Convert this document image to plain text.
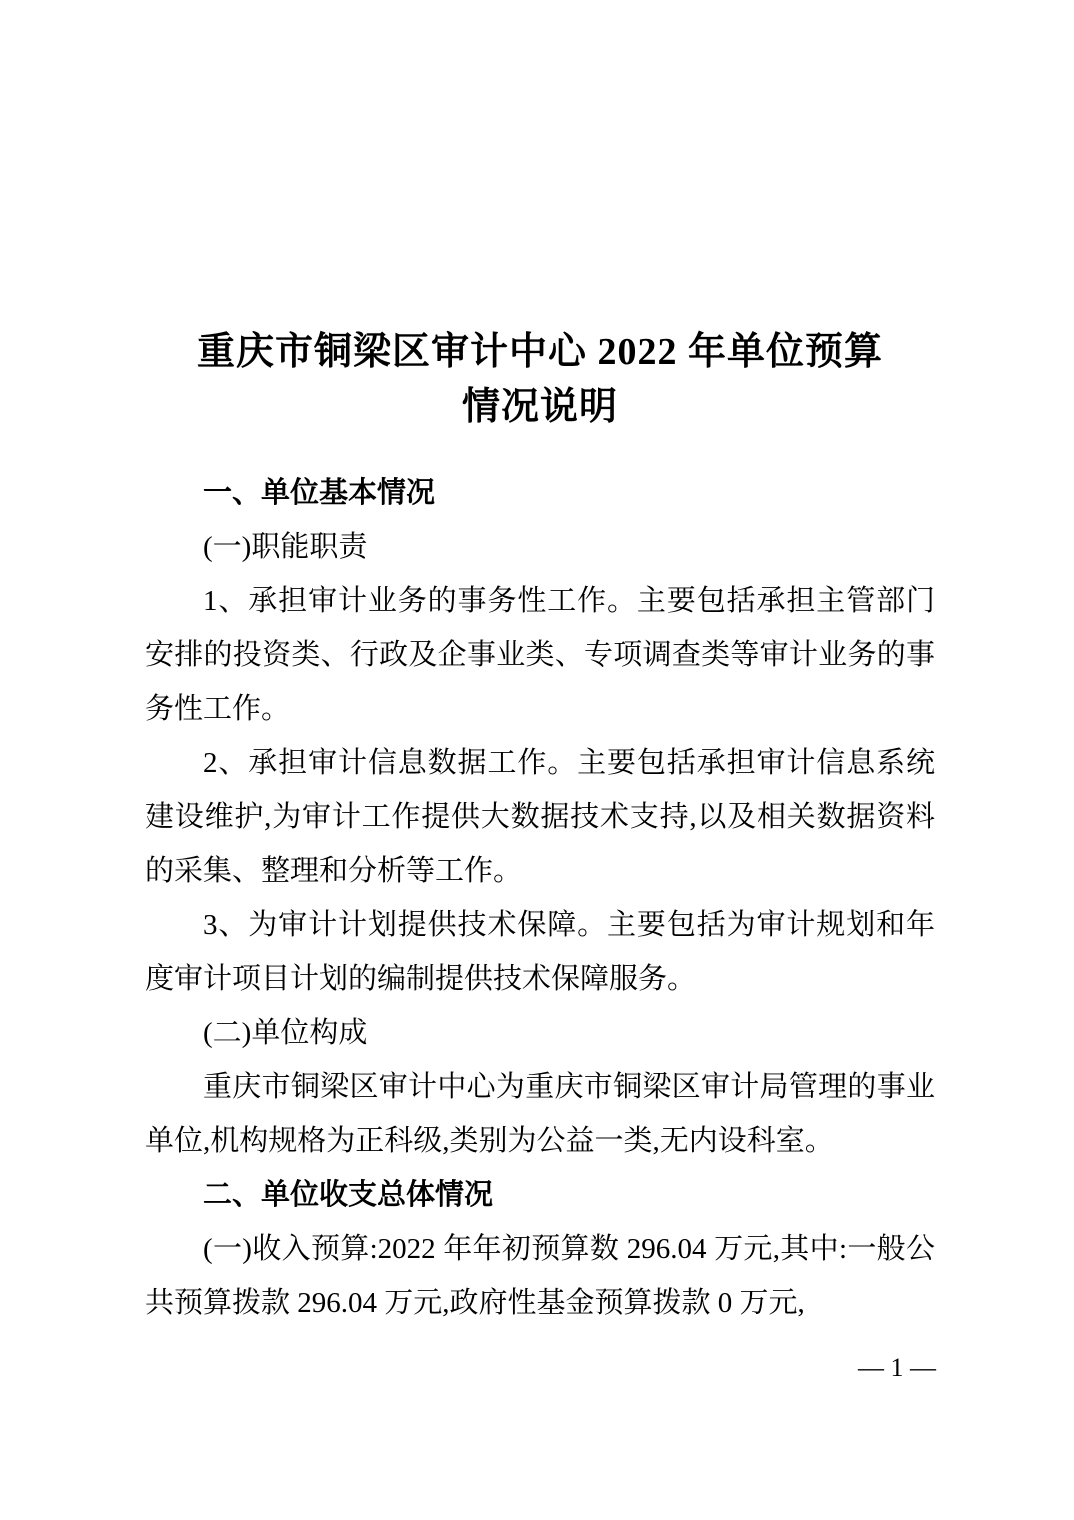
重庆市铜梁区审计中心 2022 年单位预算
情况说明

一、单位基本情况

(一)职能职责

1、承担审计业务的事务性工作。主要包括承担主管部门安排的投资类、行政及企事业类、专项调查类等审计业务的事务性工作。

2、承担审计信息数据工作。主要包括承担审计信息系统建设维护,为审计工作提供大数据技术支持,以及相关数据资料的采集、整理和分析等工作。

3、为审计计划提供技术保障。主要包括为审计规划和年度审计项目计划的编制提供技术保障服务。

(二)单位构成

重庆市铜梁区审计中心为重庆市铜梁区审计局管理的事业单位,机构规格为正科级,类别为公益一类,无内设科室。

二、单位收支总体情况

(一)收入预算:2022 年年初预算数 296.04 万元,其中:一般公共预算拨款 296.04 万元,政府性基金预算拨款 0 万元,

— 1 —
